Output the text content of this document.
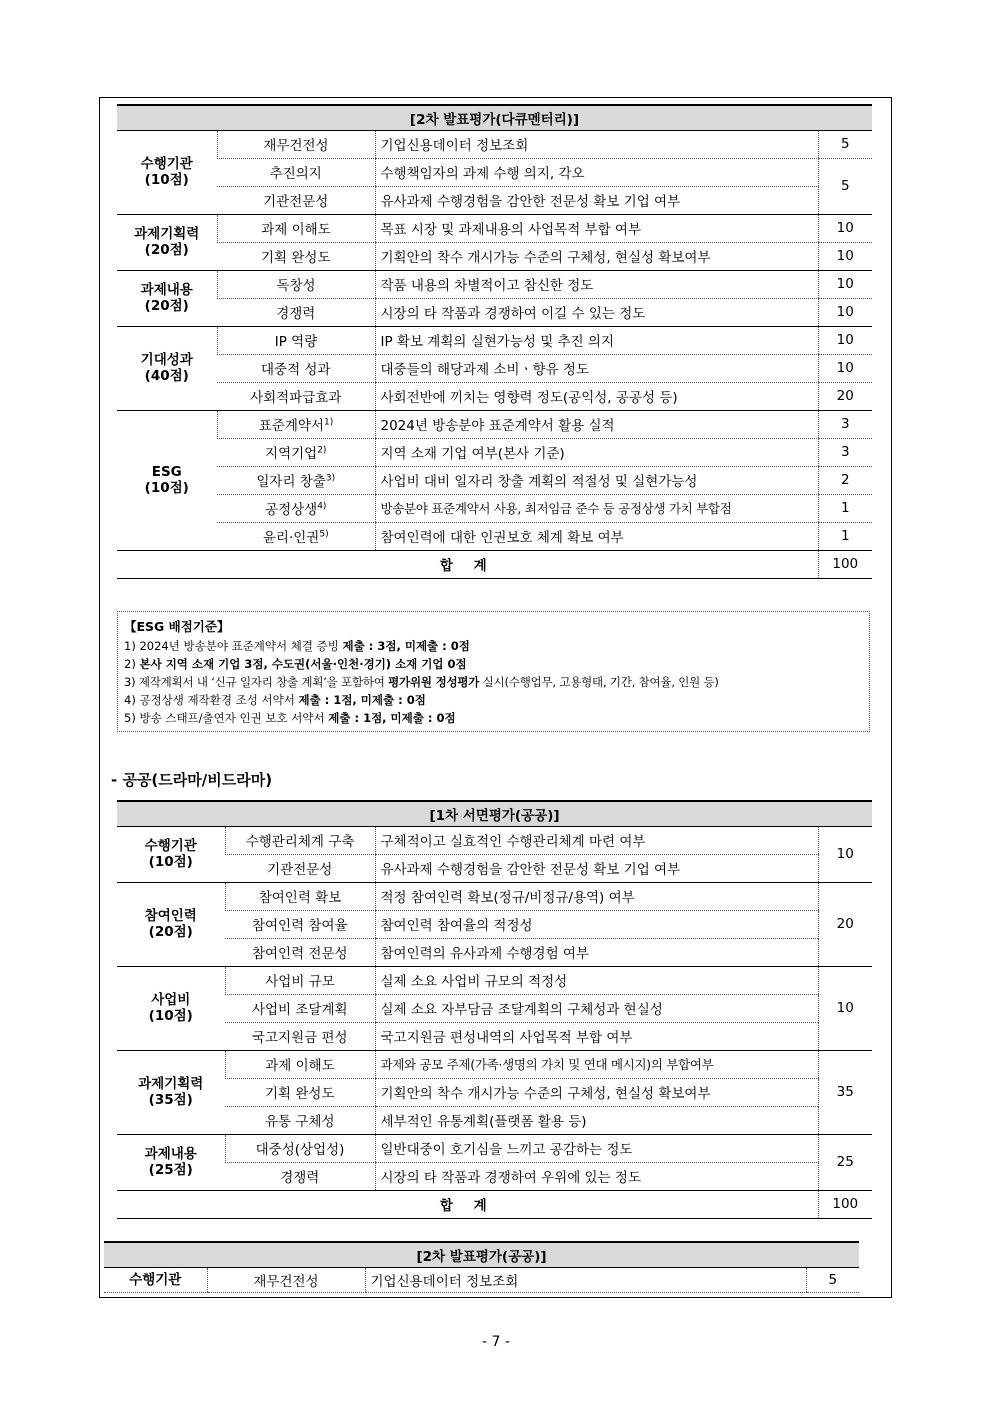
[2차 발표평가(다큐멘터리)]			
수행기관
(10점)	재무건전성	기업신용데이터 정보조회	5
	추진의지	수행책임자의 과제 수행 의지, 각오	5
	기관전문성	유사과제 수행경험을 감안한 전문성 확보 기업 여부	
과제기획력
(20점)	과제 이해도	목표 시장 및 과제내용의 사업목적 부합 여부	10
	기획 완성도	기획안의 착수 개시가능 수준의 구체성, 현실성 확보여부	10
과제내용
(20점)	독창성	작품 내용의 차별적이고 참신한 정도	10
	경쟁력	시장의 타 작품과 경쟁하여 이길 수 있는 정도	10
기대성과
(40점)	IP 역량	IP 확보 계획의 실현가능성 및 추진 의지	10
	대중적 성과	대중들의 해당과제 소비ㆍ향유 정도	10
	사회적파급효과	사회전반에 끼치는 영향력 정도(공익성, 공공성 등)	20
ESG
(10점)	표준계약서$^{1)}$	2024년 방송분야 표준계약서 활용 실적	3
	지역기업$^{2)}$	지역 소재 기업 여부(본사 기준)	3
	일자리 창출$^{3)}$	사업비 대비 일자리 창출 계획의 적절성 및 실현가능성	2
	공정상생$^{4)}$	방송분야 표준계약서 사용, 최저임금 준수 등 공정상생 가치 부합점	1
	윤리·인권$^{5)}$	참여인력에 대한 인권보호 체계 확보 여부	1
합 계			100
【ESG 배점기준】
1) 2024년 방송분야 표준계약서 체결 증빙 제출 : 3점, 미제출 : 0점
2) 본사 지역 소재 기업 3점, 수도권(서울·인천·경기) 소재 기업 0점
3) 제작계획서 내 ‘신규 일자리 창출 계획’을 포함하여 평가위원 정성평가 실시(수행업무, 고용형태, 기간, 참여율, 인원 등)
4) 공정상생 제작환경 조성 서약서 제출 : 1점, 미제출 : 0점
5) 방송 스태프/출연자 인권 보호 서약서 제출 : 1점, 미제출 : 0점
- 공공(드라마/비드라마)
[1차 서면평가(공공)]			
수행기관
(10점)	수행관리체계 구축	구체적이고 실효적인 수행관리체계 마련 여부	10
	기관전문성	유사과제 수행경험을 감안한 전문성 확보 기업 여부	
참여인력
(20점)	참여인력 확보	적정 참여인력 확보(정규/비정규/용역) 여부	20
	참여인력 참여율	참여인력 참여율의 적정성	
	참여인력 전문성	참여인력의 유사과제 수행경험 여부	
사업비
(10점)	사업비 규모	실제 소요 사업비 규모의 적정성	10
	사업비 조달계획	실제 소요 자부담금 조달계획의 구체성과 현실성	
	국고지원금 편성	국고지원금 편성내역의 사업목적 부합 여부	
과제기획력
(35점)	과제 이해도	과제와 공모 주제(가족·생명의 가치 및 연대 메시지)의 부합여부	35
	기획 완성도	기획안의 착수 개시가능 수준의 구체성, 현실성 확보여부	
	유통 구체성	세부적인 유통계획(플랫폼 활용 등)	
과제내용
(25점)	대중성(상업성)	일반대중이 호기심을 느끼고 공감하는 정도	25
	경쟁력	시장의 타 작품과 경쟁하여 우위에 있는 정도	
합 계			100
[2차 발표평가(공공)]
수행기관	재무건전성	기업신용데이터 정보조회	5
- 7 -
